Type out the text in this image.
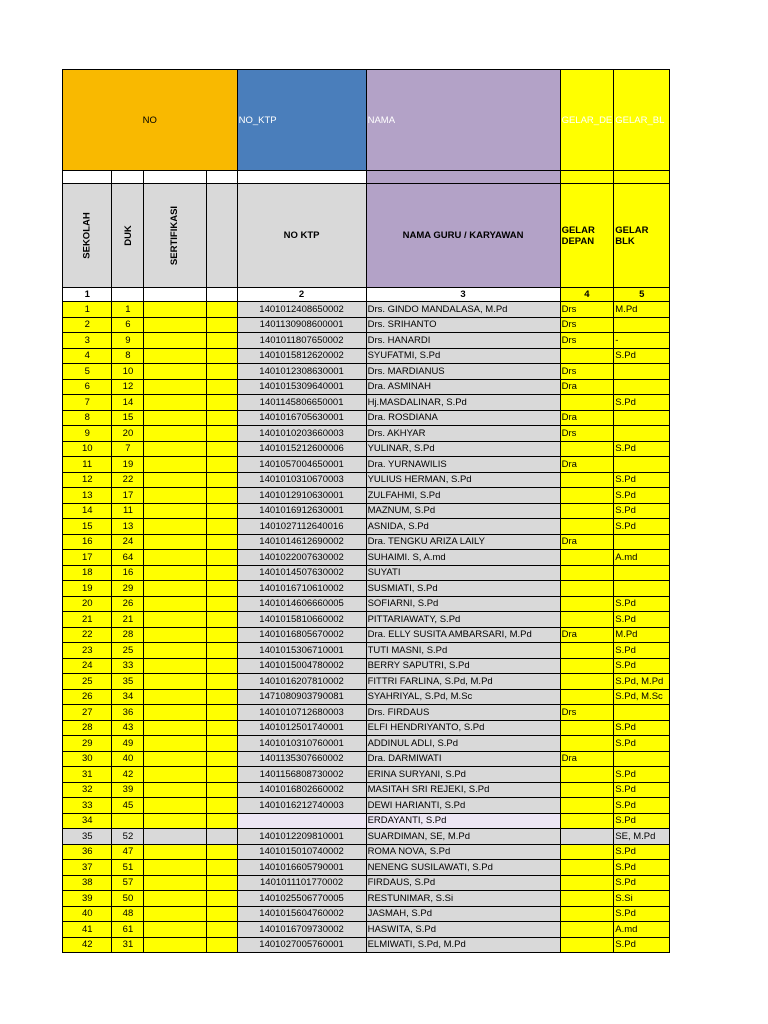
NO				NO_KTP	NAMA	GELAR_DE	GELAR_BL

SEKOLAH	DUK	SERTIFIKASI		NO KTP	NAMA GURU / KARYAWAN	GELAR DEPAN	GELAR BLK
1				2	3	4	5
1	1			1401012408650002	Drs. GINDO MANDALASA, M.Pd	Drs	M.Pd
2	6			1401130908600001	Drs. SRIHANTO	Drs	
3	9			1401011807650002	Drs. HANARDI	Drs	-
4	8			1401015812620002	SYUFATMI, S.Pd		S.Pd
5	10			1401012308630001	Drs. MARDIANUS	Drs	
6	12			1401015309640001	Dra. ASMINAH	Dra	
7	14			1401145806650001	Hj.MASDALINAR, S.Pd		S.Pd
8	15			1401016705630001	Dra. ROSDIANA	Dra	
9	20			1401010203660003	Drs. AKHYAR	Drs	
10	7			1401015212600006	YULINAR, S.Pd		S.Pd
11	19			1401057004650001	Dra. YURNAWILIS	Dra	
12	22			1401010310670003	YULIUS HERMAN, S.Pd		S.Pd
13	17			1401012910630001	ZULFAHMI, S.Pd		S.Pd
14	11			1401016912630001	MAZNUM, S.Pd		S.Pd
15	13			1401027112640016	ASNIDA, S.Pd		S.Pd
16	24			1401014612690002	Dra. TENGKU ARIZA LAILY	Dra	
17	64			1401022007630002	SUHAIMI. S, A.md		A.md
18	16			1401014507630002	SUYATI		
19	29			1401016710610002	SUSMIATI, S.Pd		
20	26			1401014606660005	SOFIARNI, S.Pd		S.Pd
21	21			1401015810660002	PITTARIAWATY, S.Pd		S.Pd
22	28			1401016805670002	Dra. ELLY SUSITA AMBARSARI, M.Pd	Dra	M.Pd
23	25			1401015306710001	TUTI MASNI, S.Pd		S.Pd
24	33			1401015004780002	BERRY SAPUTRI, S.Pd		S.Pd
25	35			1401016207810002	FITTRI FARLINA, S.Pd, M.Pd		S.Pd, M.Pd
26	34			1471080903790081	SYAHRIYAL, S.Pd, M.Sc		S.Pd, M.Sc
27	36			1401010712680003	Drs. FIRDAUS	Drs	
28	43			1401012501740001	ELFI HENDRIYANTO, S.Pd		S.Pd
29	49			1401010310760001	ADDINUL ADLI, S.Pd		S.Pd
30	40			1401135307660002	Dra. DARMIWATI	Dra	
31	42			1401156808730002	ERINA SURYANI, S.Pd		S.Pd
32	39			1401016802660002	MASITAH SRI REJEKI, S.Pd		S.Pd
33	45			1401016212740003	DEWI HARIANTI, S.Pd		S.Pd
34					ERDAYANTI, S.Pd		S.Pd
35	52			1401012209810001	SUARDIMAN, SE, M.Pd		SE, M.Pd
36	47			1401015010740002	ROMA NOVA, S.Pd		S.Pd
37	51			1401016605790001	NENENG SUSILAWATI, S.Pd		S.Pd
38	57			1401011101770002	FIRDAUS, S.Pd		S.Pd
39	50			1401025506770005	RESTUNIMAR, S.Si		S.Si
40	48			1401015604760002	JASMAH, S.Pd		S.Pd
41	61			1401016709730002	HASWITA, S.Pd		A.md
42	31			1401027005760001	ELMIWATI, S.Pd, M.Pd		S.Pd
